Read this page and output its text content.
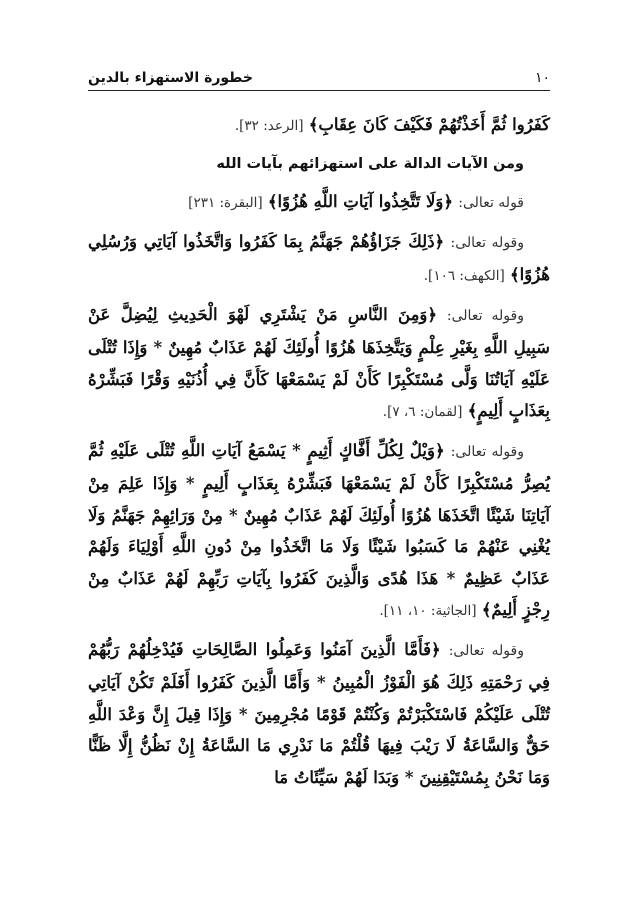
١٠
خطورة الاستهزاء بالدين

كَفَرُوا ثُمَّ أَخَذْتُهُمْ فَكَيْفَ كَانَ عِقَابِ﴾ [الرعد: ٣٢].

ومن الآيات الدالة على استهزائهم بآيات الله

قوله تعالى: ﴿وَلَا تَتَّخِذُوا آيَاتِ اللَّهِ هُزُوًا﴾ [البقرة: ٢٣١]

وقوله تعالى: ﴿ذَلِكَ جَزَاؤُهُمْ جَهَنَّمُ بِمَا كَفَرُوا وَاتَّخَذُوا آيَاتِي وَرُسُلِي هُزُوًا﴾ [الكهف: ١٠٦].

وقوله تعالى: ﴿وَمِنَ النَّاسِ مَنْ يَشْتَرِي لَهْوَ الْحَدِيثِ لِيُضِلَّ عَنْ سَبِيلِ اللَّهِ بِغَيْرِ عِلْمٍ وَيَتَّخِذَهَا هُزُوًا أُولَئِكَ لَهُمْ عَذَابٌ مُهِينٌ * وَإِذَا تُتْلَى عَلَيْهِ آيَاتُنَا وَلَّى مُسْتَكْبِرًا كَأَنْ لَمْ يَسْمَعْهَا كَأَنَّ فِي أُذُنَيْهِ وَقْرًا فَبَشِّرْهُ بِعَذَابٍ أَلِيمٍ﴾ [لقمان: ٦، ٧].

وقوله تعالى: ﴿وَيْلٌ لِكُلِّ أَفَّاكٍ أَثِيمٍ * يَسْمَعُ آيَاتِ اللَّهِ تُتْلَى عَلَيْهِ ثُمَّ يُصِرُّ مُسْتَكْبِرًا كَأَنْ لَمْ يَسْمَعْهَا فَبَشِّرْهُ بِعَذَابٍ أَلِيمٍ * وَإِذَا عَلِمَ مِنْ آيَاتِنَا شَيْئًا اتَّخَذَهَا هُزُوًا أُولَئِكَ لَهُمْ عَذَابٌ مُهِينٌ * مِنْ وَرَائِهِمْ جَهَنَّمُ وَلَا يُغْنِي عَنْهُمْ مَا كَسَبُوا شَيْئًا وَلَا مَا اتَّخَذُوا مِنْ دُونِ اللَّهِ أَوْلِيَاءَ وَلَهُمْ عَذَابٌ عَظِيمٌ * هَذَا هُدًى وَالَّذِينَ كَفَرُوا بِآيَاتِ رَبِّهِمْ لَهُمْ عَذَابٌ مِنْ رِجْزٍ أَلِيمٌ﴾ [الجاثية: ١٠، ١١].

وقوله تعالى: ﴿فَأَمَّا الَّذِينَ آمَنُوا وَعَمِلُوا الصَّالِحَاتِ فَيُدْخِلُهُمْ رَبُّهُمْ فِي رَحْمَتِهِ ذَلِكَ هُوَ الْفَوْزُ الْمُبِينُ * وَأَمَّا الَّذِينَ كَفَرُوا أَفَلَمْ تَكُنْ آيَاتِي تُتْلَى عَلَيْكُمْ فَاسْتَكْبَرْتُمْ وَكُنْتُمْ قَوْمًا مُجْرِمِينَ * وَإِذَا قِيلَ إِنَّ وَعْدَ اللَّهِ حَقٌّ وَالسَّاعَةُ لَا رَيْبَ فِيهَا قُلْتُمْ مَا نَدْرِي مَا السَّاعَةُ إِنْ نَظُنُّ إِلَّا ظَنًّا وَمَا نَحْنُ بِمُسْتَيْقِنِينَ * وَبَدَا لَهُمْ سَيِّئَاتُ مَا
